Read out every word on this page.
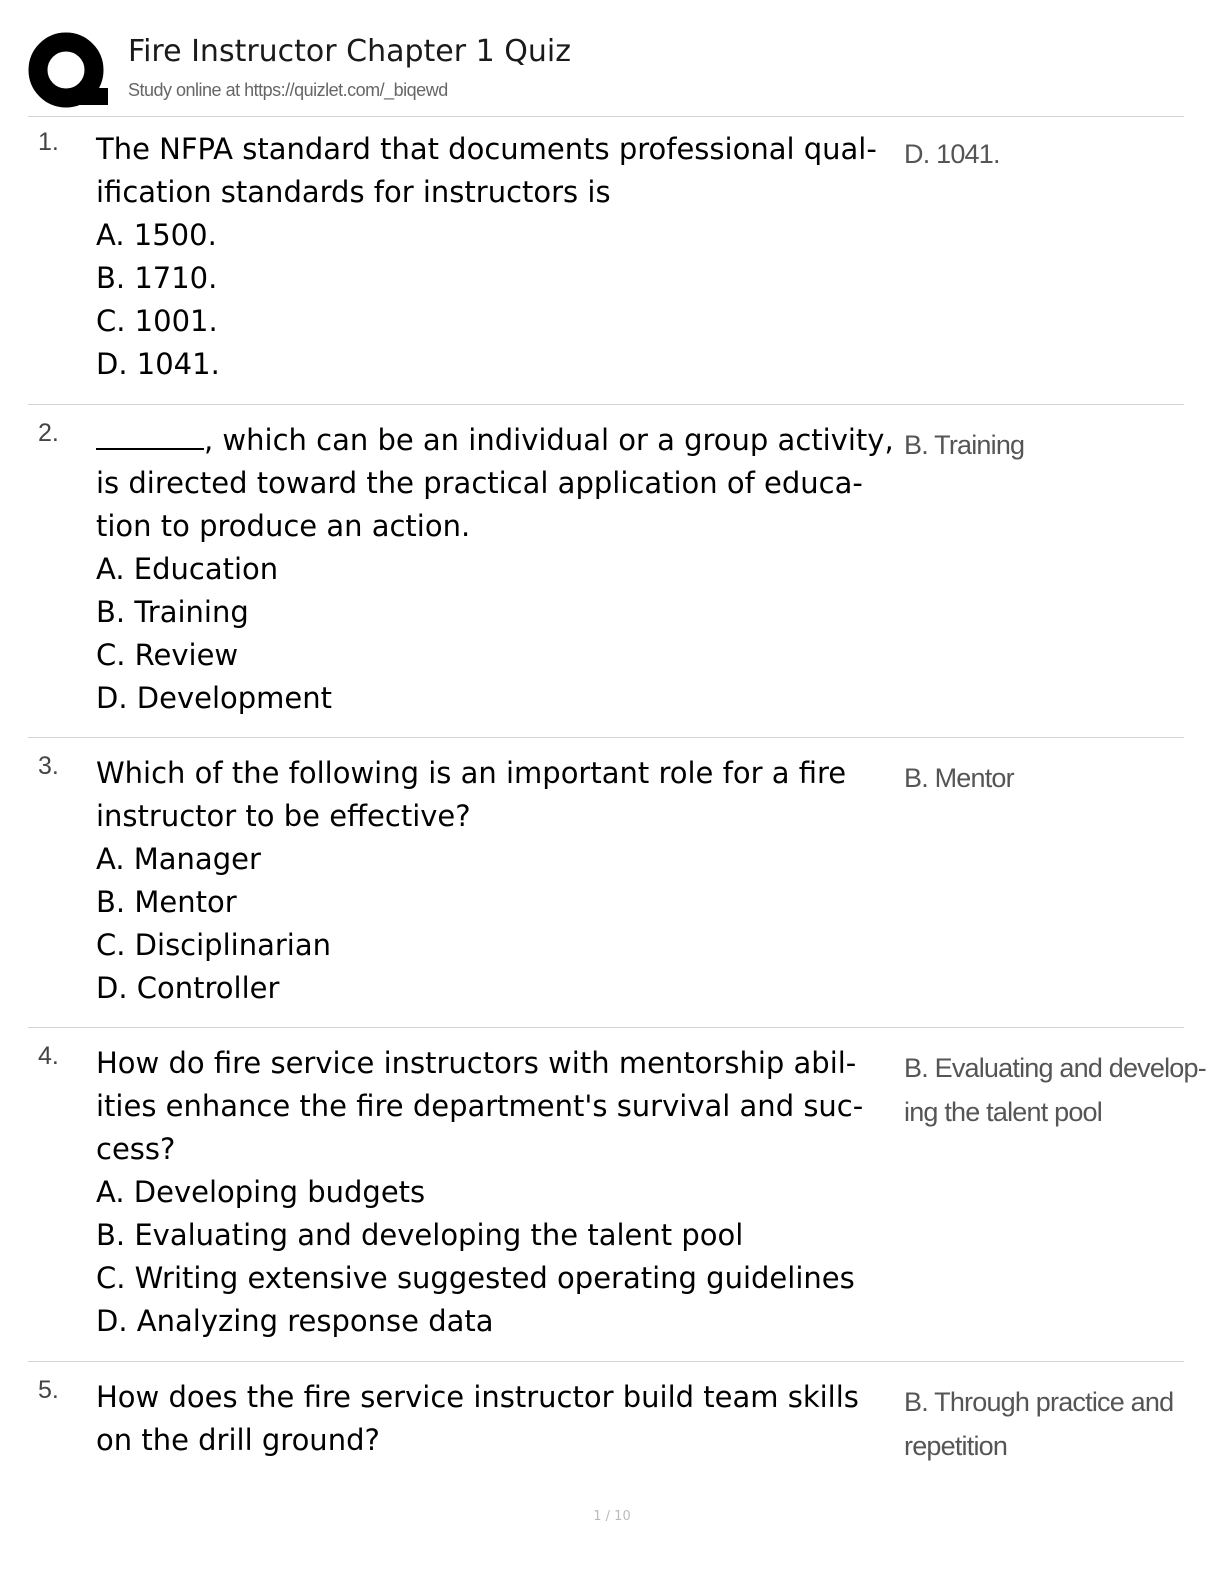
Fire Instructor Chapter 1 Quiz
Study online at https://quizlet.com/_biqewd
1. The NFPA standard that documents professional qual-
ification standards for instructors is
A. 1500.
B. 1710.
C. 1001.
D. 1041.
D. 1041.
2.	, which can be an individual or a group activity,
is directed toward the practical application of educa-
tion to produce an action.
A. Education
B. Training
C. Review
D. Development
B. Training
3. Which of the following is an important role for a fire
instructor to be effective?
A. Manager
B. Mentor
C. Disciplinarian
D. Controller
B. Mentor
4. How do fire service instructors with mentorship abil-
ities enhance the fire department's survival and suc-
cess?
A. Developing budgets
B. Evaluating and developing the talent pool
C. Writing extensive suggested operating guidelines
D. Analyzing response data
B. Evaluating and develop-
ing the talent pool
5. How does the fire service instructor build team skills
on the drill ground?
B. Through practice and
repetition
1 / 10
